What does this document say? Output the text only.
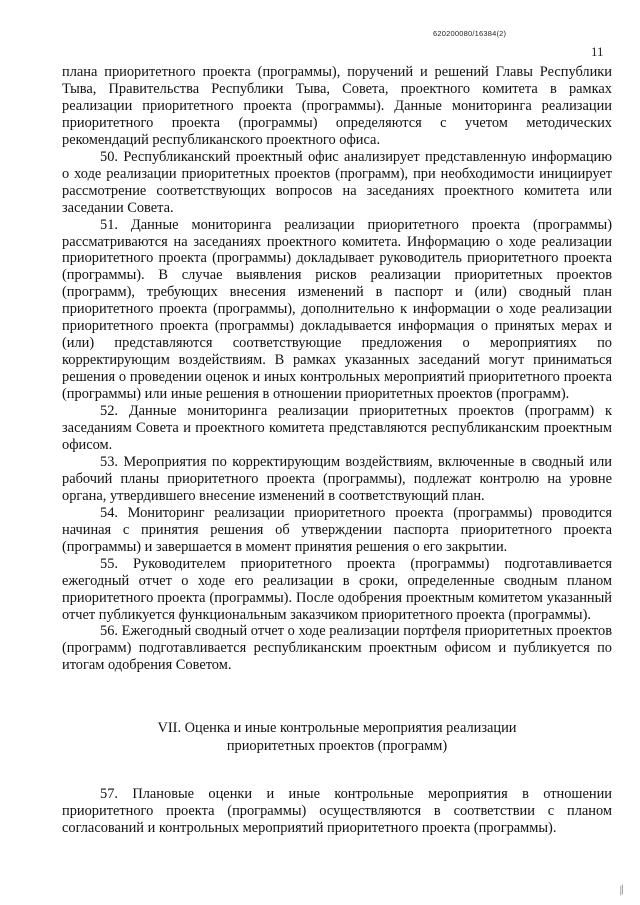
620200080/16384(2)
11

плана приоритетного проекта (программы), поручений и решений Главы Республики Тыва, Правительства Республики Тыва, Совета, проектного комитета в рамках реализации приоритетного проекта (программы). Данные мониторинга реализации приоритетного проекта (программы) определяются с учетом методических рекомендаций республиканского проектного офиса.

50. Республиканский проектный офис анализирует представленную информацию о ходе реализации приоритетных проектов (программ), при необходимости инициирует рассмотрение соответствующих вопросов на заседаниях проектного комитета или заседании Совета.

51. Данные мониторинга реализации приоритетного проекта (программы) рассматриваются на заседаниях проектного комитета. Информацию о ходе реализации приоритетного проекта (программы) докладывает руководитель приоритетного проекта (программы). В случае выявления рисков реализации приоритетных проектов (программ), требующих внесения изменений в паспорт и (или) сводный план приоритетного проекта (программы), дополнительно к информации о ходе реализации приоритетного проекта (программы) докладывается информация о принятых мерах и (или) представляются соответствующие предложения о мероприятиях по корректирующим воздействиям. В рамках указанных заседаний могут приниматься решения о проведении оценок и иных контрольных мероприятий приоритетного проекта (программы) или иные решения в отношении приоритетных проектов (программ).

52. Данные мониторинга реализации приоритетных проектов (программ) к заседаниям Совета и проектного комитета представляются республиканским проектным офисом.

53. Мероприятия по корректирующим воздействиям, включенные в сводный или рабочий планы приоритетного проекта (программы), подлежат контролю на уровне органа, утвердившего внесение изменений в соответствующий план.

54. Мониторинг реализации приоритетного проекта (программы) проводится начиная с принятия решения об утверждении паспорта приоритетного проекта (программы) и завершается в момент принятия решения о его закрытии.

55. Руководителем приоритетного проекта (программы) подготавливается ежегодный отчет о ходе его реализации в сроки, определенные сводным планом приоритетного проекта (программы). После одобрения проектным комитетом указанный отчет публикуется функциональным заказчиком приоритетного проекта (программы).

56. Ежегодный сводный отчет о ходе реализации портфеля приоритетных проектов (программ) подготавливается республиканским проектным офисом и публикуется по итогам одобрения Советом.

VII. Оценка и иные контрольные мероприятия реализации
приоритетных проектов (программ)

57. Плановые оценки и иные контрольные мероприятия в отношении приоритетного проекта (программы) осуществляются в соответствии с планом согласований и контрольных мероприятий приоритетного проекта (программы).

⁄⁄
